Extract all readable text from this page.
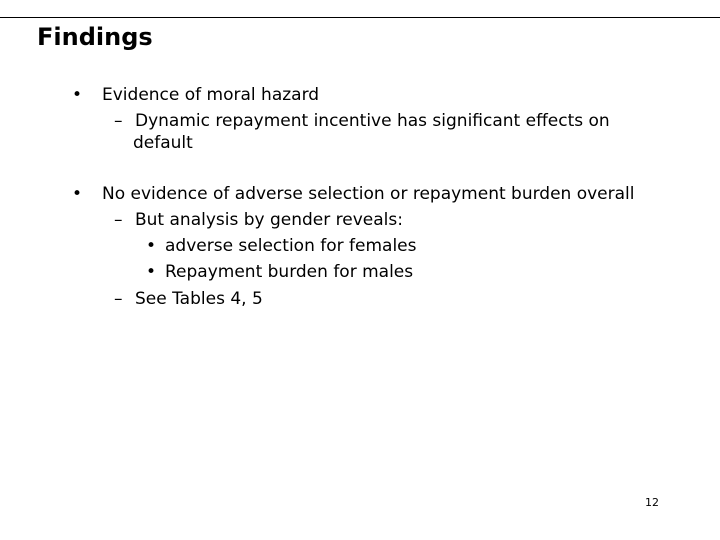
Findings
• Evidence of moral hazard
– Dynamic repayment incentive has significant effects on
default
• No evidence of adverse selection or repayment burden overall
– But analysis by gender reveals:
• adverse selection for females
• Repayment burden for males
– See Tables 4, 5
12
